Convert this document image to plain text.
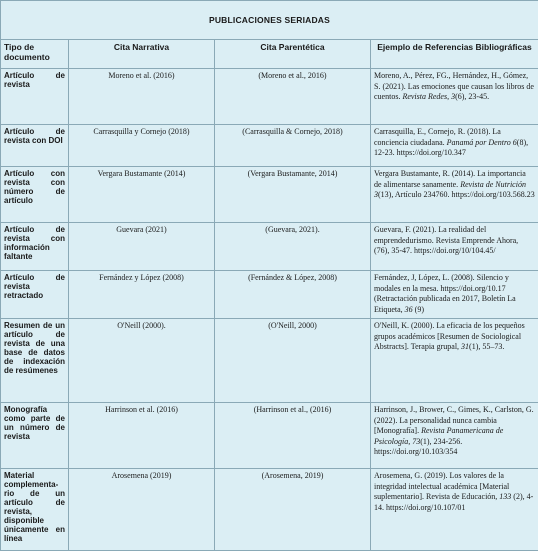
PUBLICACIONES SERIADAS			
Tipo de documento	Cita Narrativa	Cita Parentética	Ejemplo de Referencias Bibliográficas
Artículo de revista	Moreno et al. (2016)	(Moreno et al., 2016)	Moreno, A., Pérez, FG., Hernández, H., Gómez, S. (2021). Las emociones que causan los libros de cuentos. Revista Redes, 3(6), 23-45.
Artículo de revista con DOI	Carrasquilla y Cornejo (2018)	(Carrasquilla & Cornejo, 2018)	Carrasquilla, E., Cornejo, R. (2018). La conciencia ciudadana. Panamá por Dentro 6(8), 12-23. https://doi.org/10.347
Artículo con revista con número de artículo	Vergara Bustamante (2014)	(Vergara Bustamante, 2014)	Vergara Bustamante, R. (2014). La importancia de alimentarse sanamente. Revista de Nutrición 3(13), Artículo 234760. https://doi.org/103.568.23
Artículo de revista con información faltante	Guevara (2021)	(Guevara, 2021).	Guevara, F. (2021). La realidad del emprendedurismo. Revista Emprende Ahora, (76), 35-47. https://doi.org/10/104.45/
Artículo de revista retractado	Fernández y López (2008)	(Fernández & López, 2008)	Fernández, J, López, L. (2008). Silencio y modales en la mesa. https://doi.org/10.17 (Retractación publicada en 2017, Boletín La Etiqueta, 36 (9)
Resumen de un artículo de revista de una base de datos de indexación de resúmenes	O'Neill (2000).	(O'Neill, 2000)	O'Neill, K. (2000). La eficacia de los pequeños grupos académicos [Resumen de Sociological Abstracts]. Terapia grupal, 31(1), 55–73.
Monografía como parte de un número de revista	Harrinson et al. (2016)	(Harrinson et al., (2016)	Harrinson, J., Brower, C., Gimes, K., Carlston, G. (2022). La personalidad nunca cambia [Monografía]. Revista Panamericana de Psicología, 73(1), 234-256. https://doi.org/10.103/354
Material complementa-rio de un artículo de revista, disponible únicamente en línea	Arosemena (2019)	(Arosemena, 2019)	Arosemena, G. (2019). Los valores de la integridad intelectual académica [Material suplementario]. Revista de Educación, 133 (2), 4-14. https://doi.org/10.107/01
